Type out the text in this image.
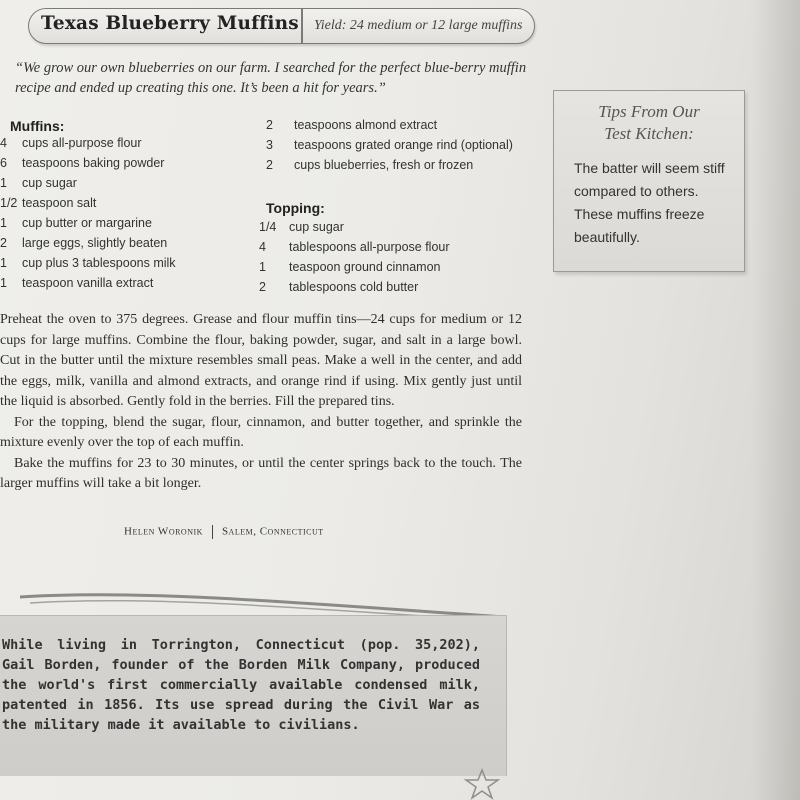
Texas Blueberry Muffins Yield: 24 medium or 12 large muffins
“We grow our own blueberries on our farm. I searched for the perfect blue-berry muffin recipe and ended up creating this one. It’s been a hit for years.”
Muffins:
4 cups all-purpose flour
6 teaspoons baking powder
1 cup sugar
1/2 teaspoon salt
1 cup butter or margarine
2 large eggs, slightly beaten
1 cup plus 3 tablespoons milk
1 teaspoon vanilla extract
2 teaspoons almond extract
3 teaspoons grated orange rind (optional)
2 cups blueberries, fresh or frozen
Topping:
1/4 cup sugar
4 tablespoons all-purpose flour
1 teaspoon ground cinnamon
2 tablespoons cold butter

Preheat the oven to 375 degrees. Grease and flour muffin tins—24 cups for medium or 12 cups for large muffins. Combine the flour, baking powder, sugar, and salt in a large bowl. Cut in the butter until the mixture resembles small peas. Make a well in the center, and add the eggs, milk, vanilla and almond extracts, and orange rind if using. Mix gently just until the liquid is absorbed. Gently fold in the berries. Fill the prepared tins.

For the topping, blend the sugar, flour, cinnamon, and butter together, and sprinkle the mixture evenly over the top of each muffin.

Bake the muffins for 23 to 30 minutes, or until the center springs back to the touch. The larger muffins will take a bit longer.

Helen Woronik Salem, Connecticut
Tips From Our
Test Kitchen:
The batter will seem stiff compared to others. These muffins freeze beautifully.
While living in Torrington, Connecticut (pop. 35,202), Gail Borden, founder of the Borden Milk Company, produced the world's first commercially available condensed milk, patented in 1856. Its use spread during the Civil War as the military made it available to civilians.
